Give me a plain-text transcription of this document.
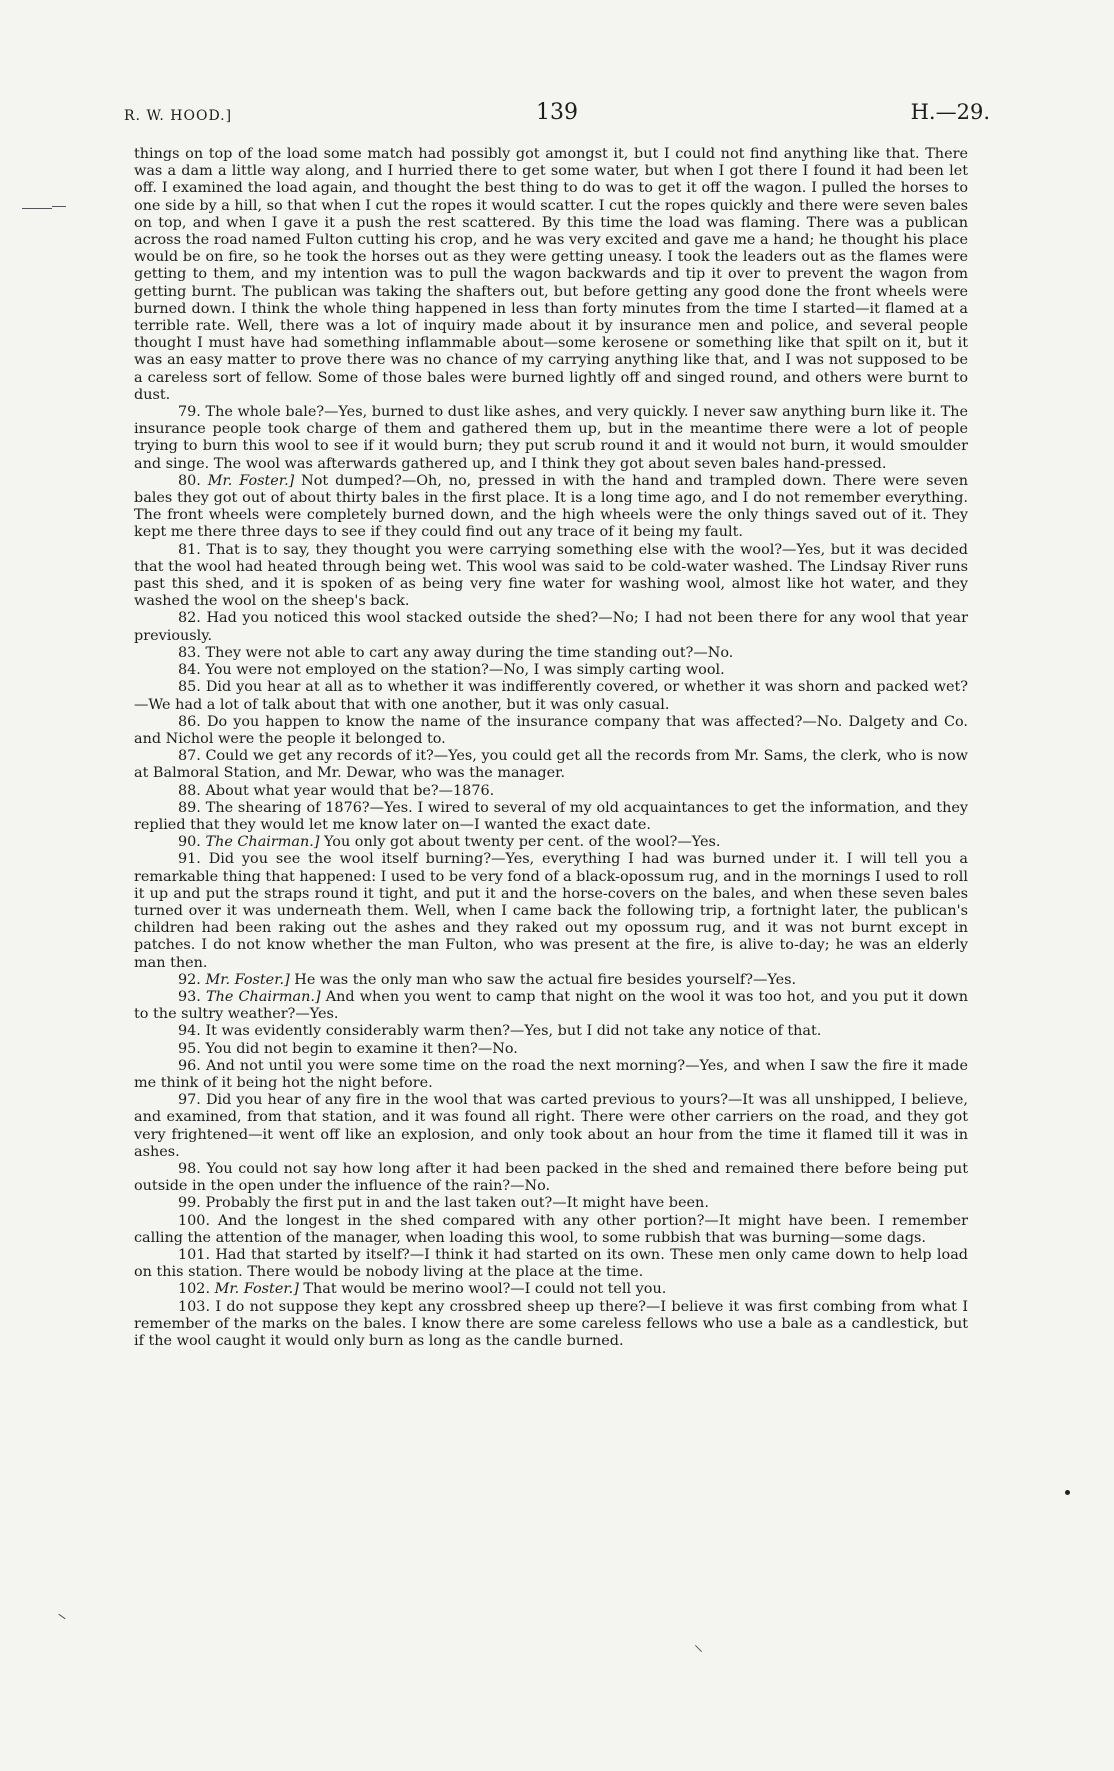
R. W. HOOD.]	139	H.—29.

things on top of the load some match had possibly got amongst it, but I could not find anything like that. There was a dam a little way along, and I hurried there to get some water, but when I got there I found it had been let off. I examined the load again, and thought the best thing to do was to get it off the wagon. I pulled the horses to one side by a hill, so that when I cut the ropes it would scatter. I cut the ropes quickly and there were seven bales on top, and when I gave it a push the rest scattered. By this time the load was flaming. There was a publican across the road named Fulton cutting his crop, and he was very excited and gave me a hand; he thought his place would be on fire, so he took the horses out as they were getting uneasy. I took the leaders out as the flames were getting to them, and my intention was to pull the wagon backwards and tip it over to prevent the wagon from getting burnt. The publican was taking the shafters out, but before getting any good done the front wheels were burned down. I think the whole thing happened in less than forty minutes from the time I started—it flamed at a terrible rate. Well, there was a lot of inquiry made about it by insurance men and police, and several people thought I must have had something inflammable about—some kerosene or something like that spilt on it, but it was an easy matter to prove there was no chance of my carrying anything like that, and I was not supposed to be a careless sort of fellow. Some of those bales were burned lightly off and singed round, and others were burnt to dust.

79. The whole bale?—Yes, burned to dust like ashes, and very quickly. I never saw anything burn like it. The insurance people took charge of them and gathered them up, but in the meantime there were a lot of people trying to burn this wool to see if it would burn; they put scrub round it and it would not burn, it would smoulder and singe. The wool was afterwards gathered up, and I think they got about seven bales hand-pressed.

80. Mr. Foster.] Not dumped?—Oh, no, pressed in with the hand and trampled down. There were seven bales they got out of about thirty bales in the first place. It is a long time ago, and I do not remember everything. The front wheels were completely burned down, and the high wheels were the only things saved out of it. They kept me there three days to see if they could find out any trace of it being my fault.

81. That is to say, they thought you were carrying something else with the wool?—Yes, but it was decided that the wool had heated through being wet. This wool was said to be cold-water washed. The Lindsay River runs past this shed, and it is spoken of as being very fine water for washing wool, almost like hot water, and they washed the wool on the sheep's back.

82. Had you noticed this wool stacked outside the shed?—No; I had not been there for any wool that year previously.

83. They were not able to cart any away during the time standing out?—No.

84. You were not employed on the station?—No, I was simply carting wool.

85. Did you hear at all as to whether it was indifferently covered, or whether it was shorn and packed wet?—We had a lot of talk about that with one another, but it was only casual.

86. Do you happen to know the name of the insurance company that was affected?—No. Dalgety and Co. and Nichol were the people it belonged to.

87. Could we get any records of it?—Yes, you could get all the records from Mr. Sams, the clerk, who is now at Balmoral Station, and Mr. Dewar, who was the manager.

88. About what year would that be?—1876.

89. The shearing of 1876?—Yes. I wired to several of my old acquaintances to get the information, and they replied that they would let me know later on—I wanted the exact date.

90. The Chairman.] You only got about twenty per cent. of the wool?—Yes.

91. Did you see the wool itself burning?—Yes, everything I had was burned under it. I will tell you a remarkable thing that happened: I used to be very fond of a black-opossum rug, and in the mornings I used to roll it up and put the straps round it tight, and put it and the horse-covers on the bales, and when these seven bales turned over it was underneath them. Well, when I came back the following trip, a fortnight later, the publican's children had been raking out the ashes and they raked out my opossum rug, and it was not burnt except in patches. I do not know whether the man Fulton, who was present at the fire, is alive to-day; he was an elderly man then.

92. Mr. Foster.] He was the only man who saw the actual fire besides yourself?—Yes.

93. The Chairman.] And when you went to camp that night on the wool it was too hot, and you put it down to the sultry weather?—Yes.

94. It was evidently considerably warm then?—Yes, but I did not take any notice of that.

95. You did not begin to examine it then?—No.

96. And not until you were some time on the road the next morning?—Yes, and when I saw the fire it made me think of it being hot the night before.

97. Did you hear of any fire in the wool that was carted previous to yours?—It was all unshipped, I believe, and examined, from that station, and it was found all right. There were other carriers on the road, and they got very frightened—it went off like an explosion, and only took about an hour from the time it flamed till it was in ashes.

98. You could not say how long after it had been packed in the shed and remained there before being put outside in the open under the influence of the rain?—No.

99. Probably the first put in and the last taken out?—It might have been.

100. And the longest in the shed compared with any other portion?—It might have been. I remember calling the attention of the manager, when loading this wool, to some rubbish that was burning—some dags.

101. Had that started by itself?—I think it had started on its own. These men only came down to help load on this station. There would be nobody living at the place at the time.

102. Mr. Foster.] That would be merino wool?—I could not tell you.

103. I do not suppose they kept any crossbred sheep up there?—I believe it was first combing from what I remember of the marks on the bales. I know there are some careless fellows who use a bale as a candlestick, but if the wool caught it would only burn as long as the candle burned.
